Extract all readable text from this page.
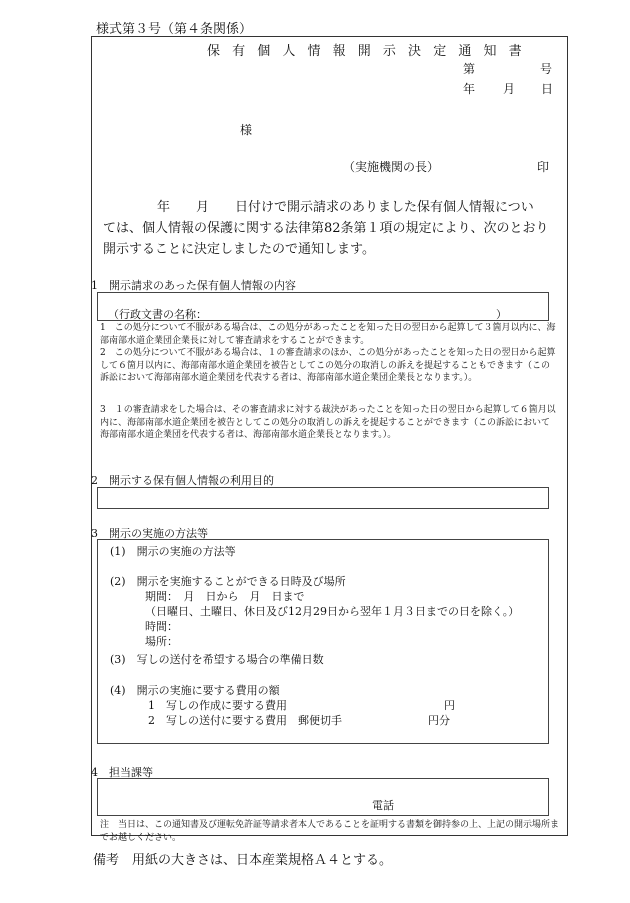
様式第３号（第４条関係）
保 有 個 人 情 報 開 示 決 定 通 知 書
第	号
年 月 日
様
（実施機関の長）	印
年　　月　　日付けで開示請求のありました保有個人情報につい
ては、個人情報の保護に関する法律第82条第１項の規定により、次のとおり
開示することに決定しましたので通知します。
1　開示請求のあった保有個人情報の内容
（行政文書の名称：	）
1　この処分について不服がある場合は、この処分があったことを知った日の翌日から起算して３箇月以内に、海部南部水道企業団企業長に対して審査請求をすることができます。
2　この処分について不服がある場合は、１の審査請求のほか、この処分があったことを知った日の翌日から起算して６箇月以内に、海部南部水道企業団を被告としてこの処分の取消しの訴えを提起することもできます（この訴訟において海部南部水道企業団を代表する者は、海部南部水道企業団企業長となります。）。
3　１の審査請求をした場合は、その審査請求に対する裁決があったことを知った日の翌日から起算して６箇月以内に、海部南部水道企業団を被告としてこの処分の取消しの訴えを提起することができます（この訴訟において海部南部水道企業団を代表する者は、海部南部水道企業長となります。）。
2　開示する保有個人情報の利用目的
3　開示の実施の方法等
(1)　開示の実施の方法等
(2)　開示を実施することができる日時及び場所
期間：　月　日から　月　日まで
（日曜日、土曜日、休日及び12月29日から翌年１月３日までの日を除く。）
時間：
場所：
(3)　写しの送付を希望する場合の準備日数
(4)　開示の実施に要する費用の額
1　写しの作成に要する費用	円
2　写しの送付に要する費用　郵便切手	円分
4　担当課等
電話
注　当日は、この通知書及び運転免許証等請求者本人であることを証明する書類を御持参の上、上記の開示場所までお越しください。
備考　用紙の大きさは、日本産業規格Ａ４とする。
